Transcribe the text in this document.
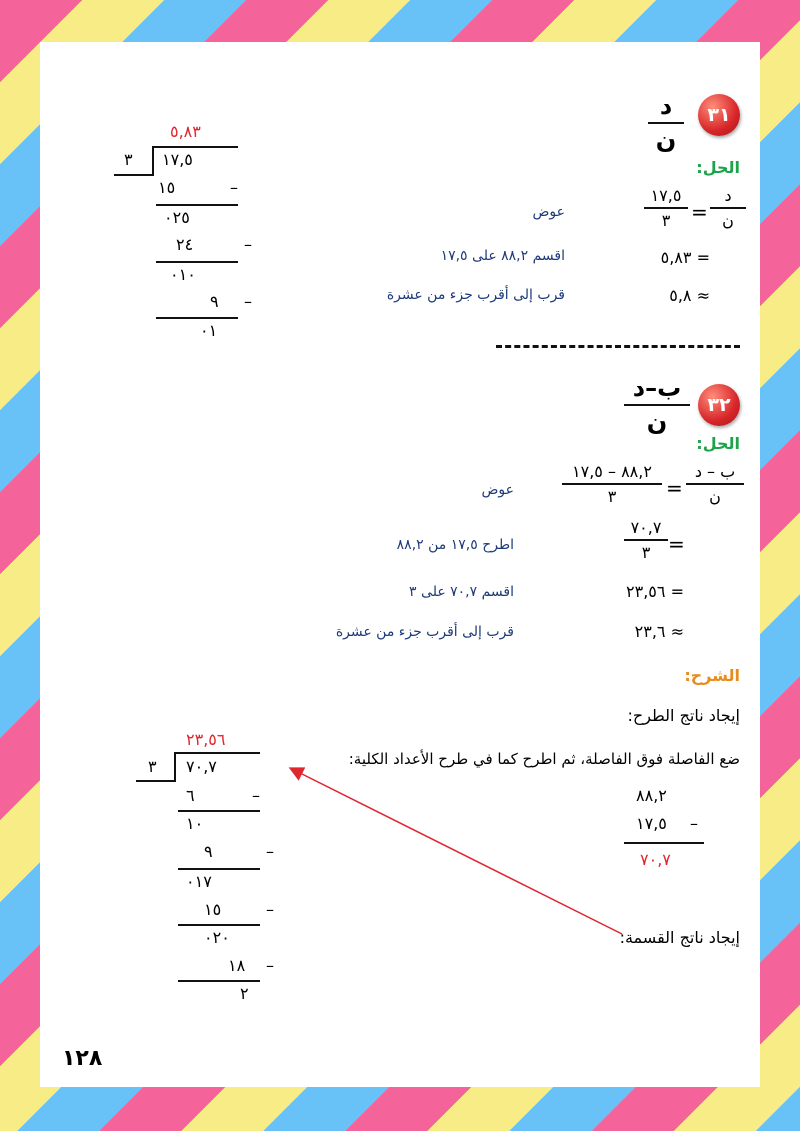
٣١
د
ن
الحل:
د
ن
=
١٧,٥
٣
عوض
= ٥,٨٣
اقسم ٨٨,٢ على ١٧,٥
≈ ٥,٨
قرب إلى أقرب جزء من عشرة
٥,٨٣
٣ ١٧,٥
١٥	–
٠٢٥
٢٤	–
٠١٠
٩ –
٠١
٣٢
ب–د
ن
الحل:
ب – د
ن
=
٨٨,٢ – ١٧,٥
٣
عوض
٧٠,٧
٣ =
اطرح ١٧,٥ من ٨٨,٢
= ٢٣,٥٦
اقسم ٧٠,٧ على ٣
≈ ٢٣,٦
قرب إلى أقرب جزء من عشرة
الشرح:
إيجاد ناتج الطرح:
ضع الفاصلة فوق الفاصلة، ثم اطرح كما في طرح الأعداد الكلية:
٨٨,٢
١٧,٥ –
٧٠,٧
إيجاد ناتج القسمة:
٢٣,٥٦
٣ ٧٠,٧
٦	–
١٠
٩	–
٠١٧
١٥	–
٠٢٠
١٨ –
٢
١٢٨
